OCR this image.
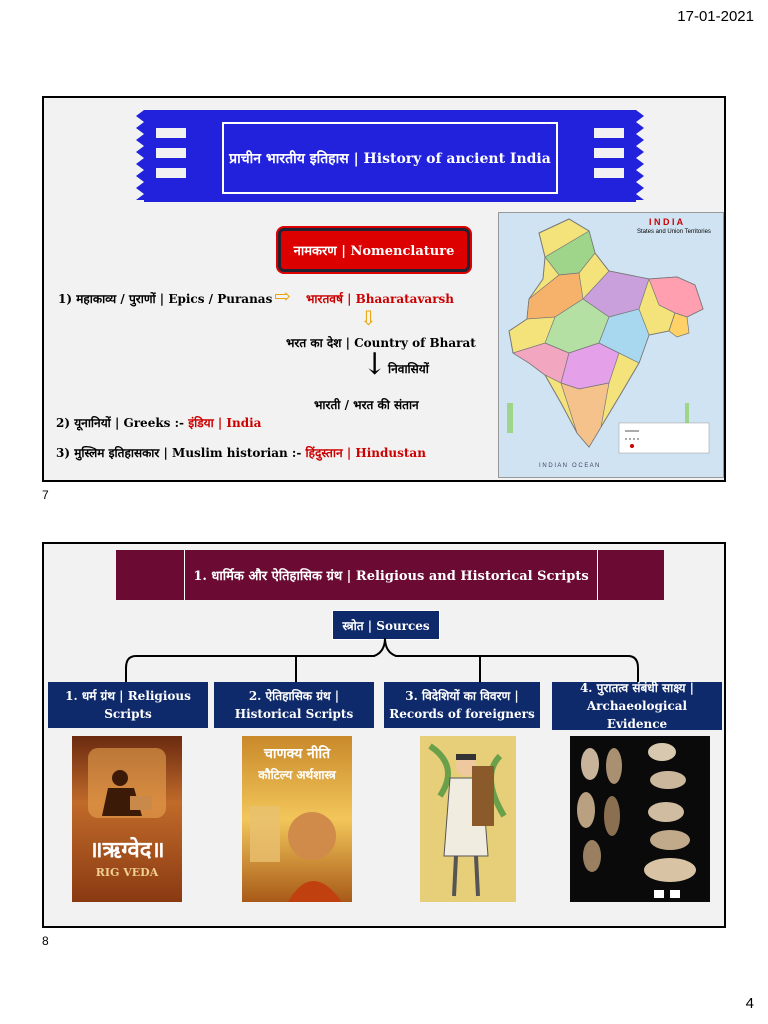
17-01-2021
प्राचीन भारतीय इतिहास | History of ancient India
नामकरण | Nomenclature
1) महाकाव्य / पुराणों | Epics / Puranas ⇨ भारतवर्ष | Bhaaratavarsh
⇩
भरत का देश | Country of Bharat
↓ निवासियों
भारती / भरत की संतान
2) यूनानियों | Greeks :- इंडिया | India
3) मुस्लिम इतिहासकार | Muslim historian :- हिंदुस्तान | Hindustan
I N D I A
States and Union Territories
I N D I A N   O C E A N
7
1. धार्मिक और ऐतिहासिक ग्रंथ | Religious and Historical Scripts
स्त्रोत | Sources
1. धर्म ग्रंथ | Religious Scripts
2. ऐतिहासिक ग्रंथ | Historical Scripts
3. विदेशियों का विवरण | Records of foreigners
4. पुरातत्व संबंधी साक्ष्य | Archaeological Evidence
॥ऋग्वेद॥
RIG VEDA
चाणक्य नीति
कौटिल्य अर्थशास्त्र
8
4
